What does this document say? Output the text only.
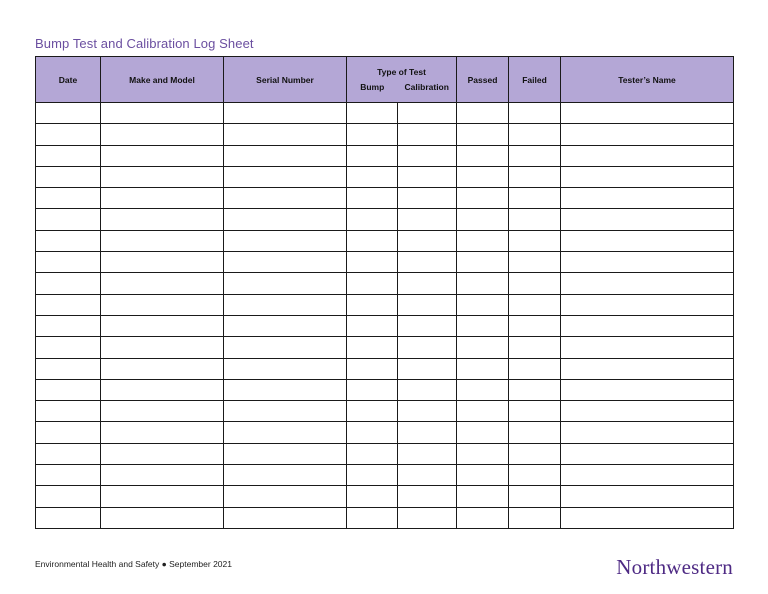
Bump Test and Calibration Log Sheet
Date	Make and Model	Serial Number	Type of Test		Passed	Failed	Tester’s Name
			Bump	Calibration			

Environmental Health and Safety ● September 2021	Northwestern
